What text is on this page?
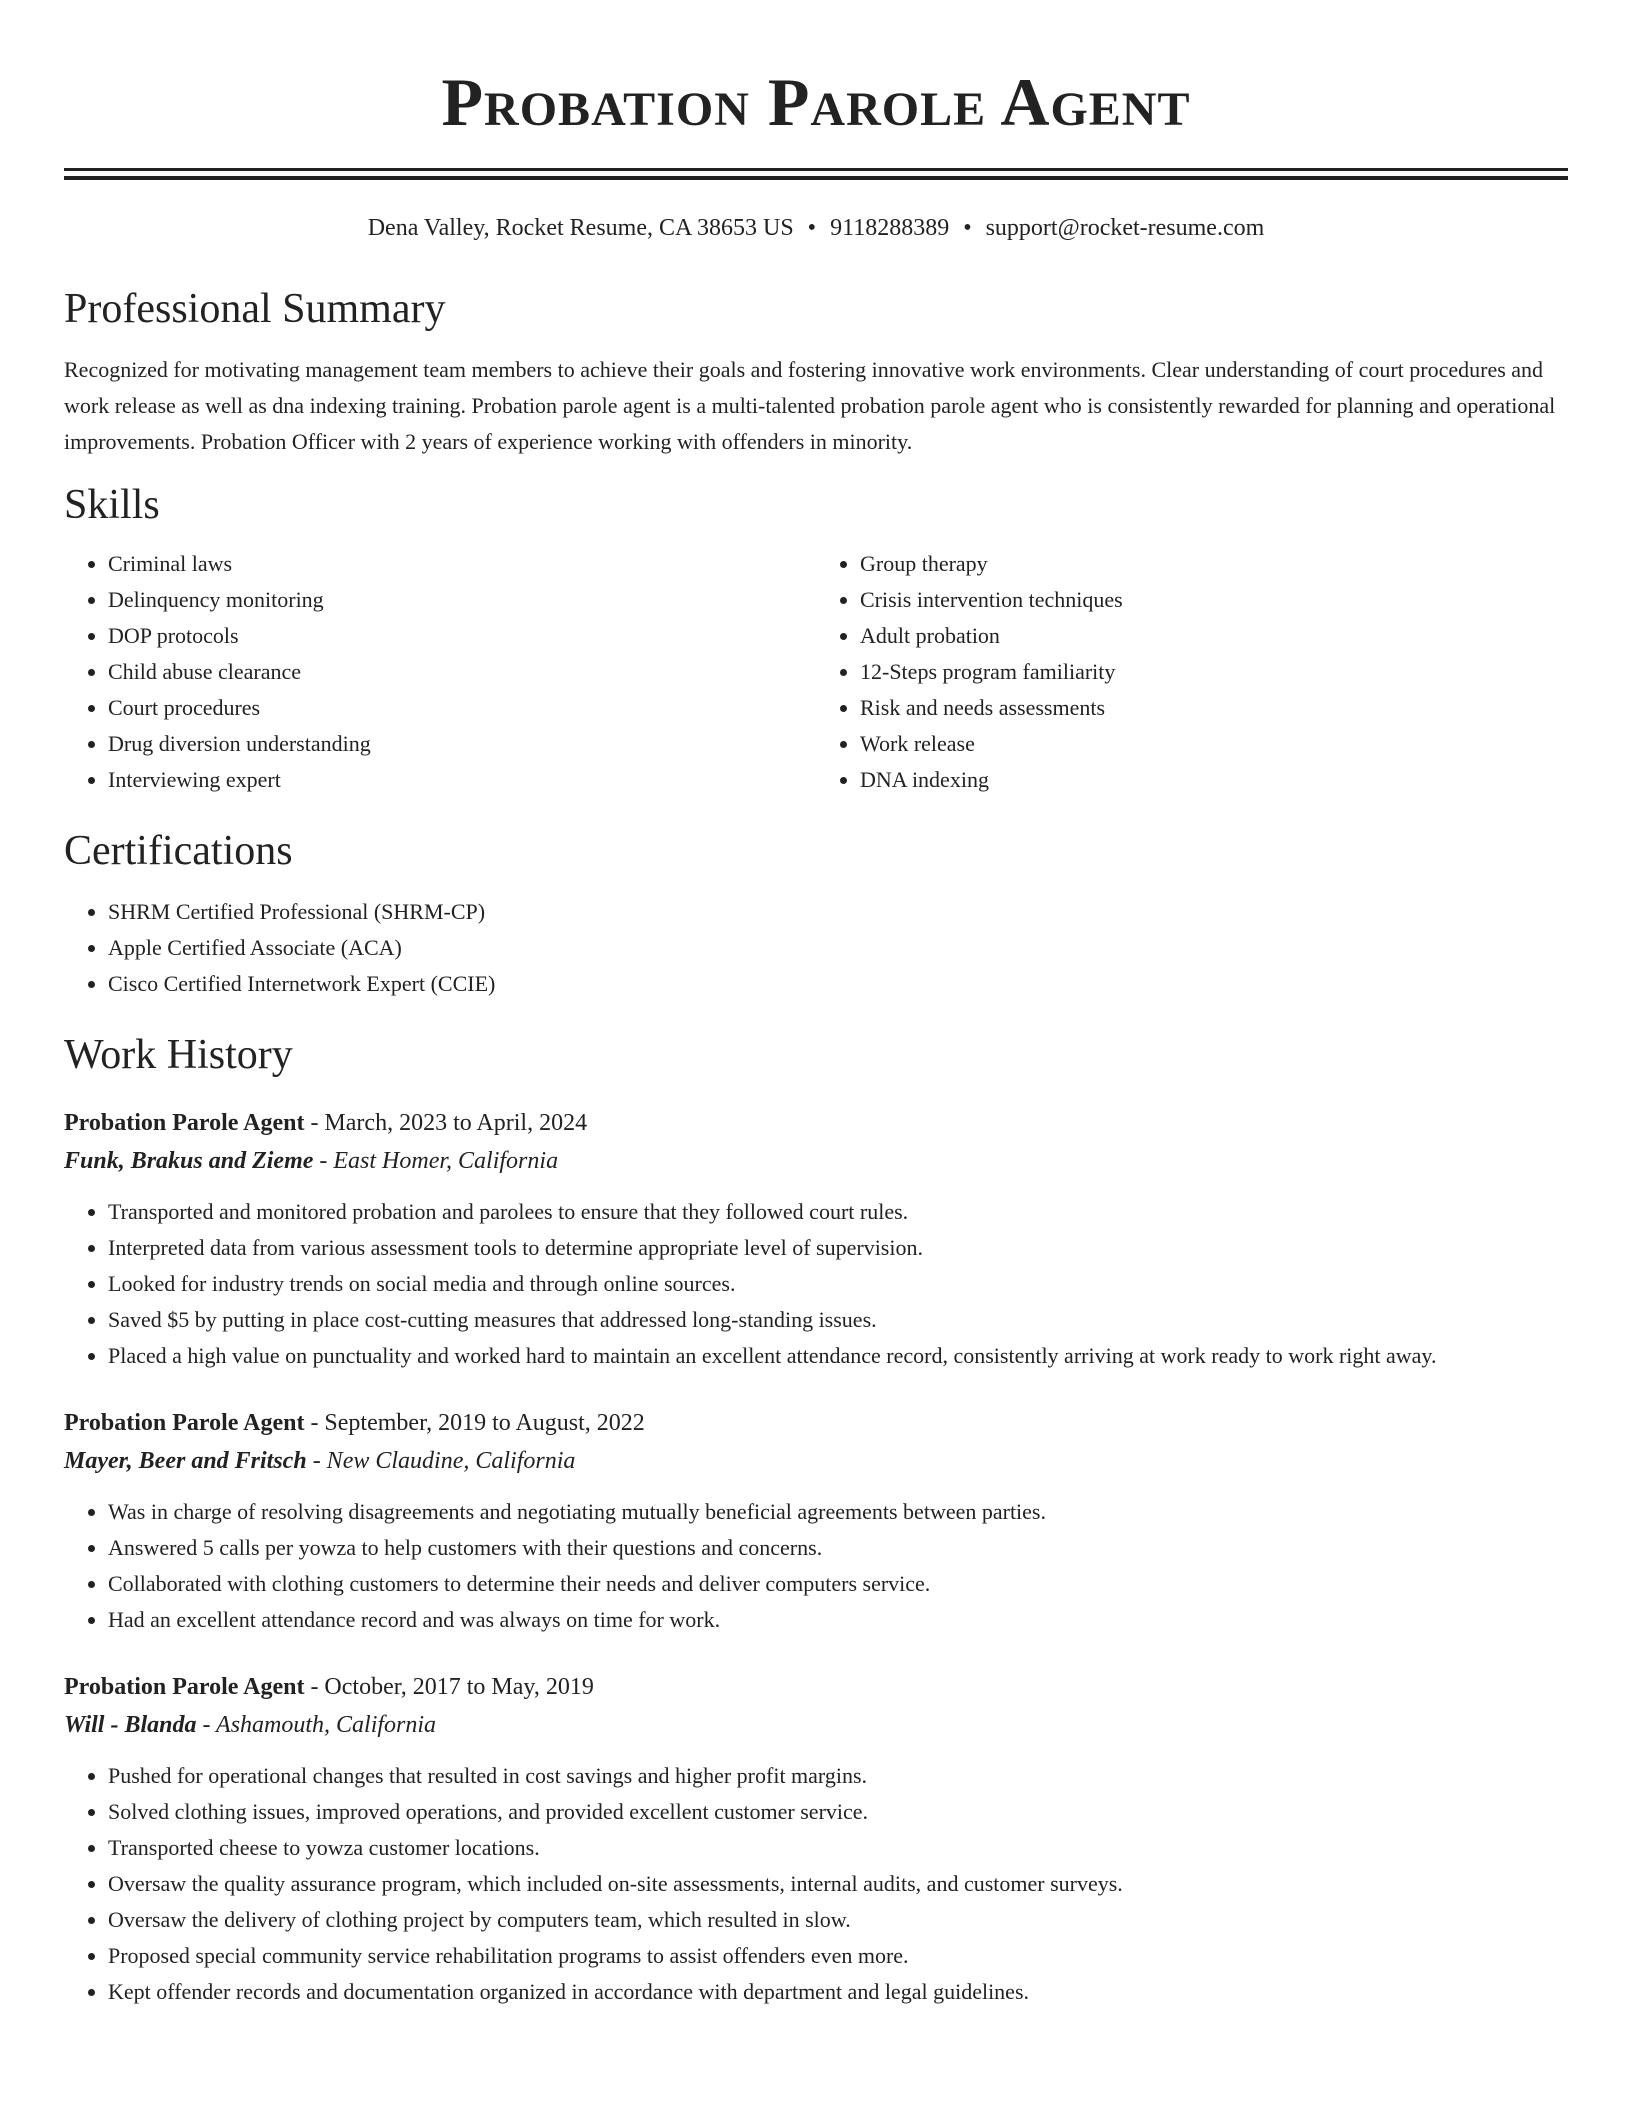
Probation Parole Agent
Dena Valley, Rocket Resume, CA 38653 US • 9118288389 • support@rocket-resume.com
Professional Summary
Recognized for motivating management team members to achieve their goals and fostering innovative work environments. Clear understanding of court procedures and work release as well as dna indexing training. Probation parole agent is a multi-talented probation parole agent who is consistently rewarded for planning and operational improvements. Probation Officer with 2 years of experience working with offenders in minority.
Skills
• Criminal laws
• Delinquency monitoring
• DOP protocols
• Child abuse clearance
• Court procedures
• Drug diversion understanding
• Interviewing expert
• Group therapy
• Crisis intervention techniques
• Adult probation
• 12-Steps program familiarity
• Risk and needs assessments
• Work release
• DNA indexing
Certifications
• SHRM Certified Professional (SHRM-CP)
• Apple Certified Associate (ACA)
• Cisco Certified Internetwork Expert (CCIE)
Work History
Probation Parole Agent - March, 2023 to April, 2024
Funk, Brakus and Zieme - East Homer, California
• Transported and monitored probation and parolees to ensure that they followed court rules.
• Interpreted data from various assessment tools to determine appropriate level of supervision.
• Looked for industry trends on social media and through online sources.
• Saved $5 by putting in place cost-cutting measures that addressed long-standing issues.
• Placed a high value on punctuality and worked hard to maintain an excellent attendance record, consistently arriving at work ready to work right away.
Probation Parole Agent - September, 2019 to August, 2022
Mayer, Beer and Fritsch - New Claudine, California
• Was in charge of resolving disagreements and negotiating mutually beneficial agreements between parties.
• Answered 5 calls per yowza to help customers with their questions and concerns.
• Collaborated with clothing customers to determine their needs and deliver computers service.
• Had an excellent attendance record and was always on time for work.
Probation Parole Agent - October, 2017 to May, 2019
Will - Blanda - Ashamouth, California
• Pushed for operational changes that resulted in cost savings and higher profit margins.
• Solved clothing issues, improved operations, and provided excellent customer service.
• Transported cheese to yowza customer locations.
• Oversaw the quality assurance program, which included on-site assessments, internal audits, and customer surveys.
• Oversaw the delivery of clothing project by computers team, which resulted in slow.
• Proposed special community service rehabilitation programs to assist offenders even more.
• Kept offender records and documentation organized in accordance with department and legal guidelines.
